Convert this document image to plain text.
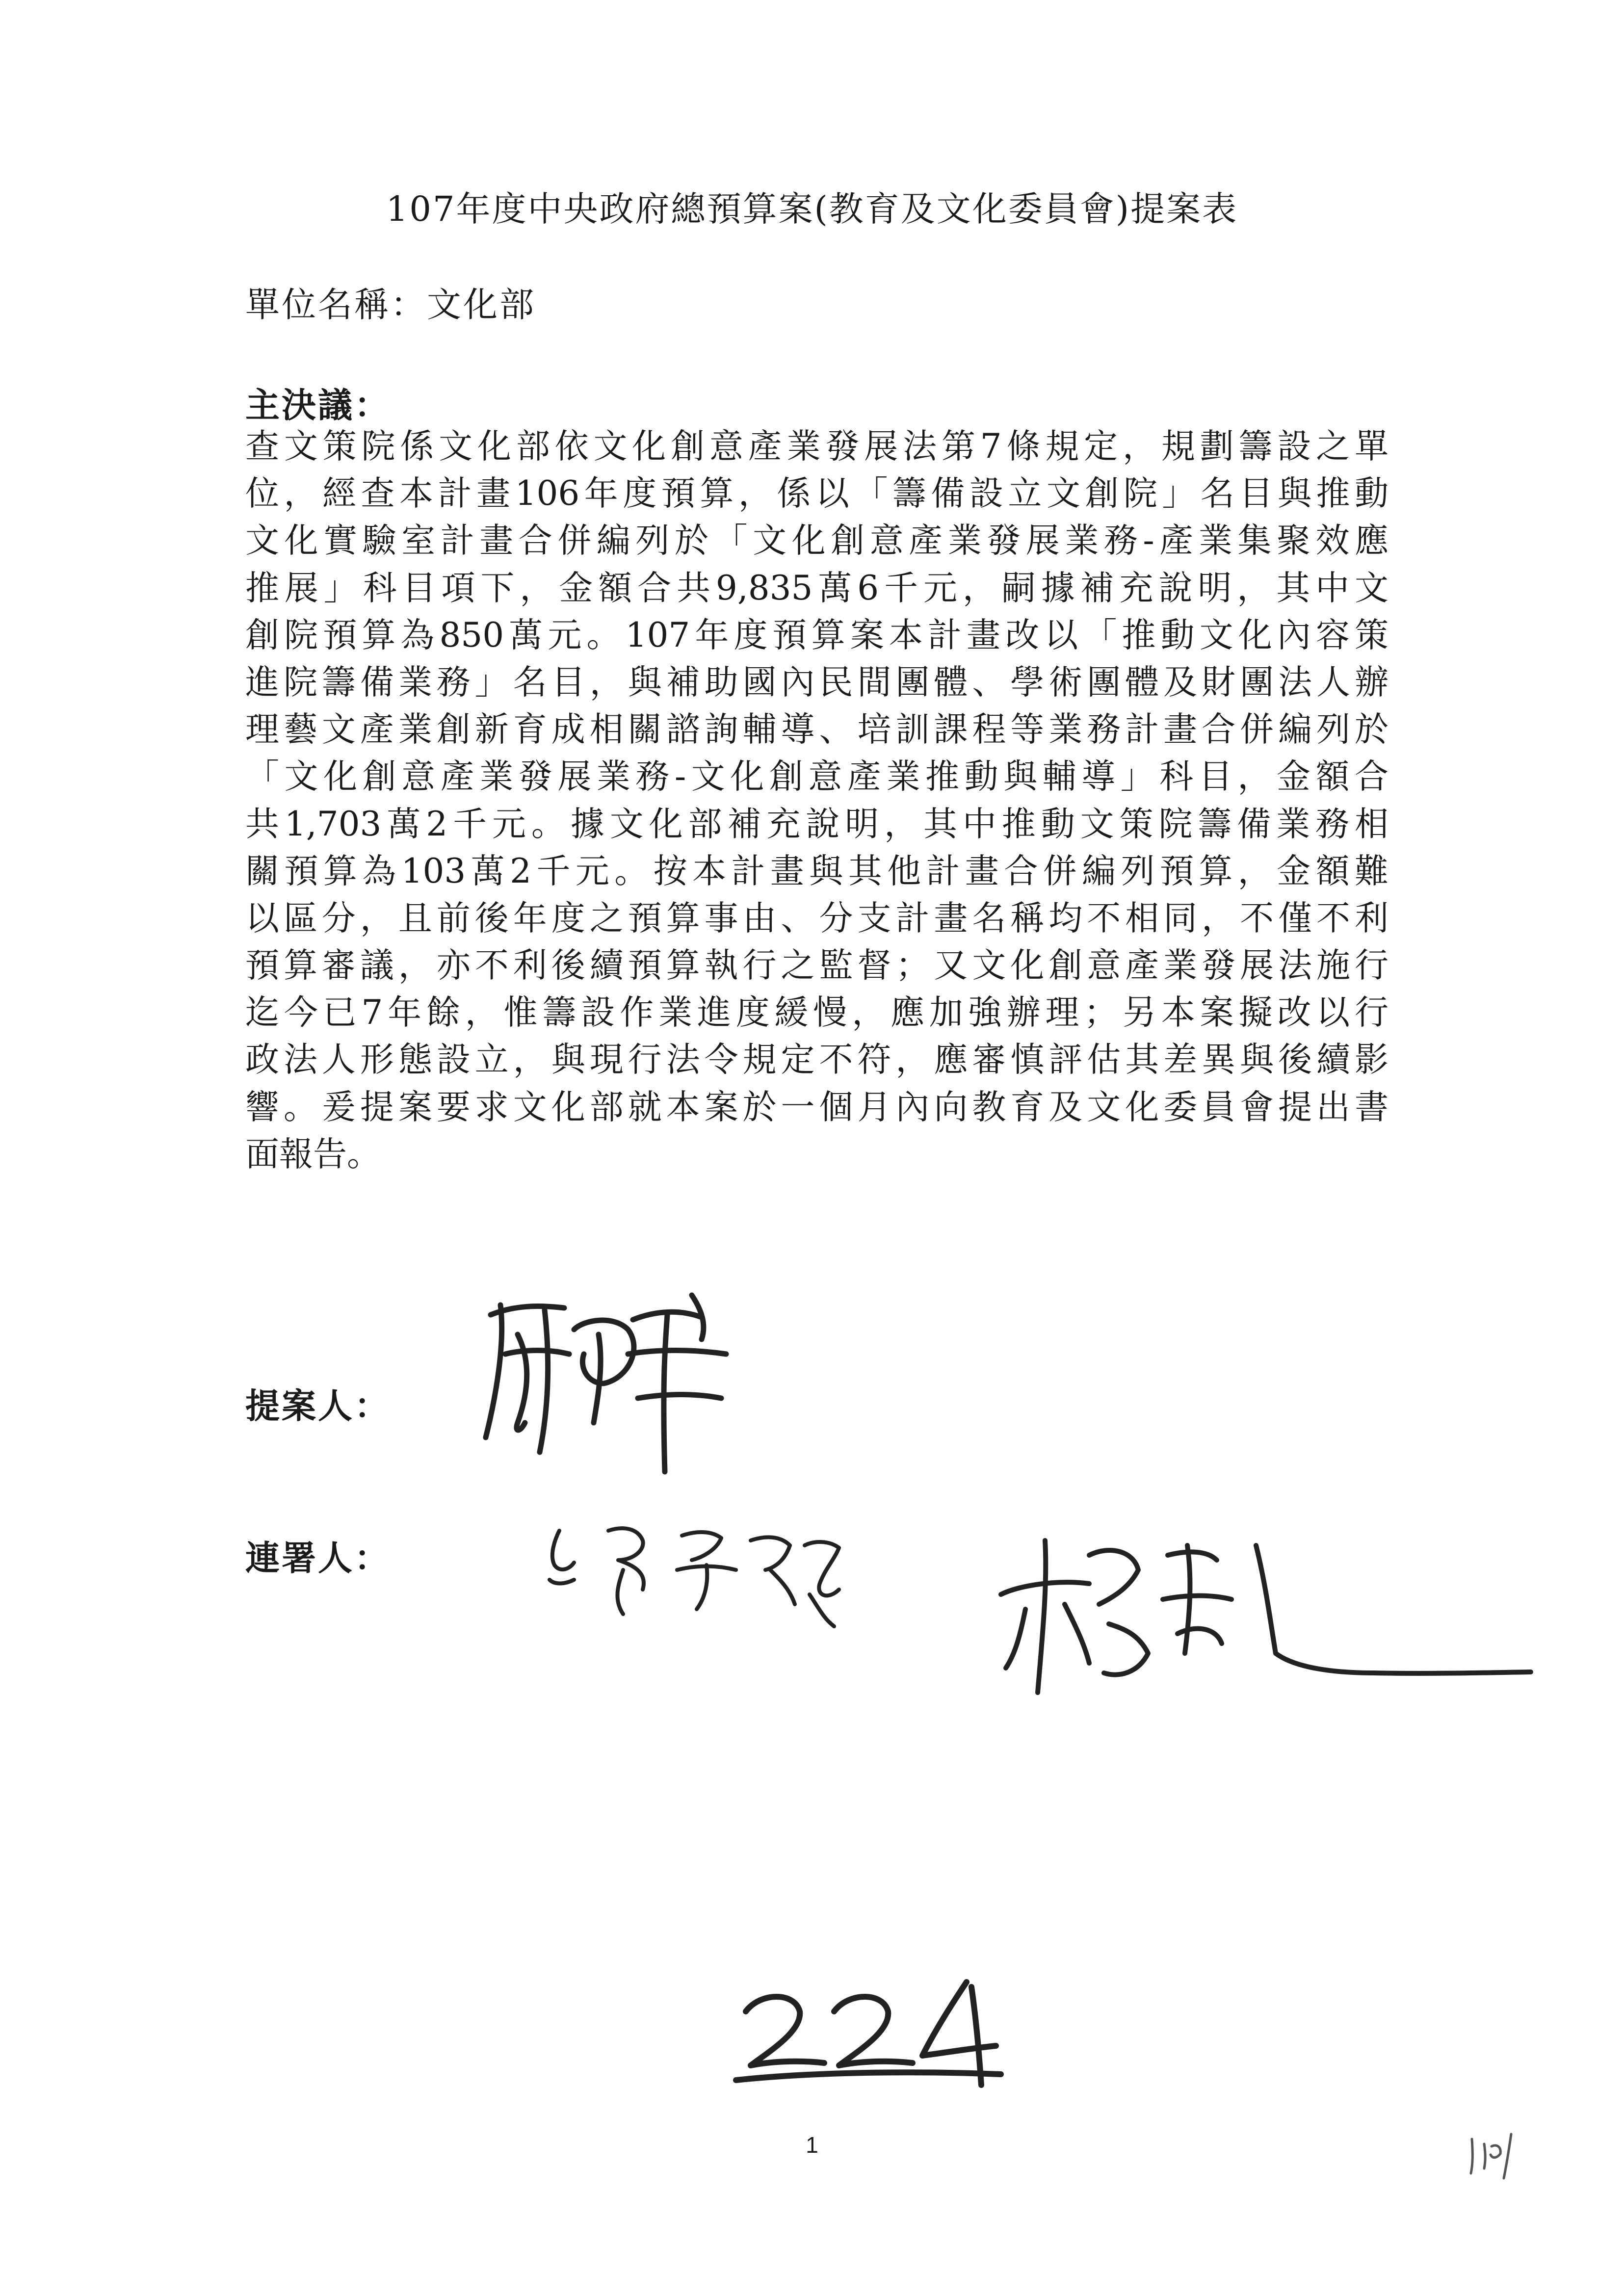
107年度中央政府總預算案(教育及文化委員會)提案表
單位名稱：文化部
主決議：
查文策院係文化部依文化創意產業發展法第7條規定，規劃籌設之單
位，經查本計畫106年度預算，係以「籌備設立文創院」名目與推動
文化實驗室計畫合併編列於「文化創意產業發展業務-產業集聚效應
推展」科目項下，金額合共9,835萬6千元，嗣據補充說明，其中文
創院預算為850萬元。107年度預算案本計畫改以「推動文化內容策
進院籌備業務」名目，與補助國內民間團體、學術團體及財團法人辦
理藝文產業創新育成相關諮詢輔導、培訓課程等業務計畫合併編列於
「文化創意產業發展業務-文化創意產業推動與輔導」科目，金額合
共1,703萬2千元。據文化部補充說明，其中推動文策院籌備業務相
關預算為103萬2千元。按本計畫與其他計畫合併編列預算，金額難
以區分，且前後年度之預算事由、分支計畫名稱均不相同，不僅不利
預算審議，亦不利後續預算執行之監督；又文化創意產業發展法施行
迄今已7年餘，惟籌設作業進度緩慢，應加強辦理；另本案擬改以行
政法人形態設立，與現行法令規定不符，應審慎評估其差異與後續影
響。爰提案要求文化部就本案於一個月內向教育及文化委員會提出書
面報告。
提案人：
連署人：
1
